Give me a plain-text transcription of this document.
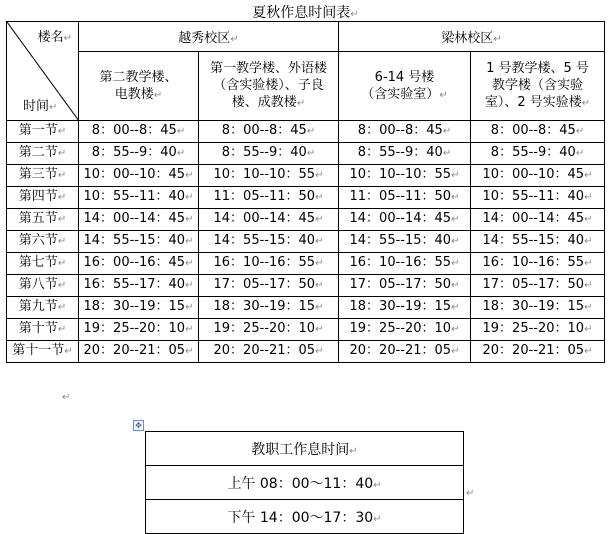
夏秋作息时间表↵
楼名↵
时间↵	越秀校区↵		梁林校区↵	
	第二教学楼、
电教楼↵	第一教学楼、外语楼
（含实验楼）、子良
楼、成教楼↵	6-14 号楼
（含实验室）↵	1 号教学楼、5 号
教学楼（含实验
室）、2 号实验楼↵
第一节↵	8：00--8：45↵	8：00--8：45↵	8：00--8：45↵	8：00--8：45↵
第二节↵	8：55--9：40↵	8：55--9：40↵	8：55--9：40↵	8：55--9：40↵
第三节↵	10：00--10：45↵	10：10--10：55↵	10：10--10：55↵	10：00--10：45↵
第四节↵	10：55--11：40↵	11：05--11：50↵	11：05--11：50↵	10：55--11：40↵
第五节↵	14：00--14：45↵	14：00--14：45↵	14：00--14：45↵	14：00--14：45↵
第六节↵	14：55--15：40↵	14：55--15：40↵	14：55--15：40↵	14：55--15：40↵
第七节↵	16：00--16：45↵	16：10--16：55↵	16：10--16：55↵	16：10--16：55↵
第八节↵	16：55--17：40↵	17：05--17：50↵	17：05--17：50↵	17：05--17：50↵
第九节↵	18：30--19：15↵	18：30--19：15↵	18：30--19：15↵	18：30--19：15↵
第十节↵	19：25--20：10↵	19：25--20：10↵	19：25--20：10↵	19：25--20：10↵
第十一节↵	20：20--21：05↵	20：20--21：05↵	20：20--21：05↵	20：20--21：05↵
↵
✥
教职工作息时间↵
上午 08：00～11：40↵
下午 14：00～17：30↵
↵
